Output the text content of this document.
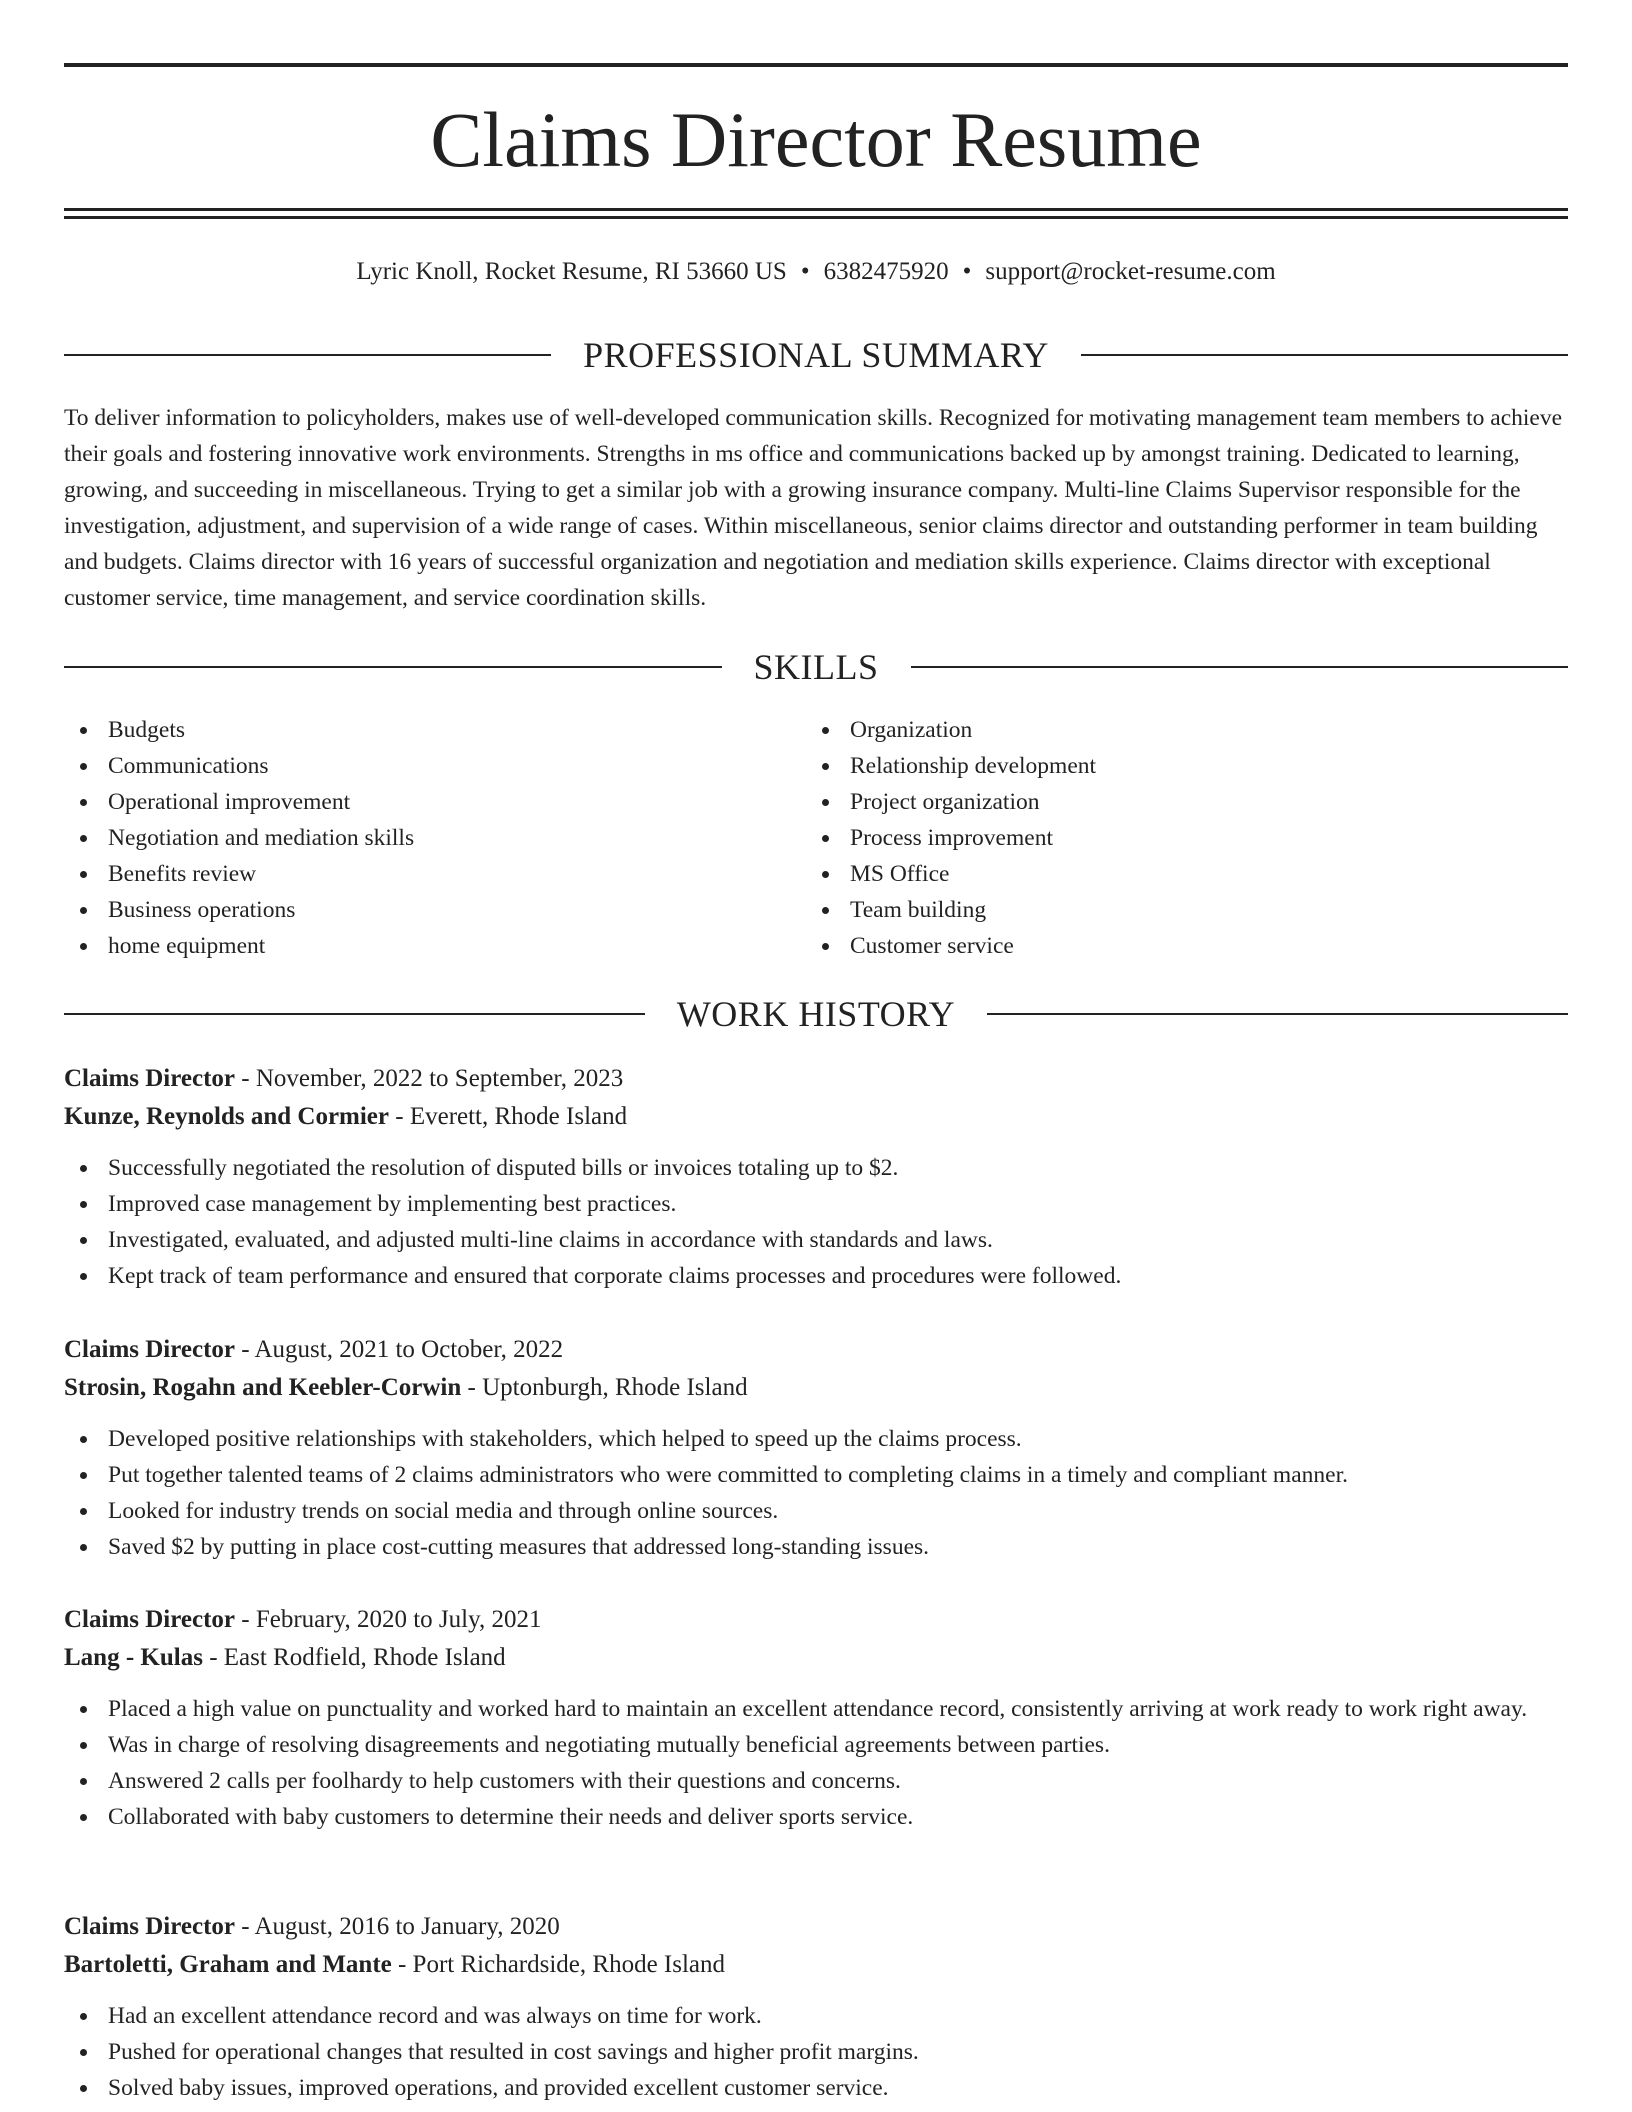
Claims Director Resume
Lyric Knoll, Rocket Resume, RI 53660 US • 6382475920 • support@rocket-resume.com
PROFESSIONAL SUMMARY

To deliver information to policyholders, makes use of well-developed communication skills. Recognized for motivating management team members to achieve their goals and fostering innovative work environments. Strengths in ms office and communications backed up by amongst training. Dedicated to learning, growing, and succeeding in miscellaneous. Trying to get a similar job with a growing insurance company. Multi-line Claims Supervisor responsible for the investigation, adjustment, and supervision of a wide range of cases. Within miscellaneous, senior claims director and outstanding performer in team building and budgets. Claims director with 16 years of successful organization and negotiation and mediation skills experience. Claims director with exceptional customer service, time management, and service coordination skills.

SKILLS
Budgets
Communications
Operational improvement
Negotiation and mediation skills
Benefits review
Business operations
home equipment
Organization
Relationship development
Project organization
Process improvement
MS Office
Team building
Customer service
WORK HISTORY
Claims Director - November, 2022 to September, 2023
Kunze, Reynolds and Cormier - Everett, Rhode Island
Successfully negotiated the resolution of disputed bills or invoices totaling up to $2.
Improved case management by implementing best practices.
Investigated, evaluated, and adjusted multi-line claims in accordance with standards and laws.
Kept track of team performance and ensured that corporate claims processes and procedures were followed.
Claims Director - August, 2021 to October, 2022
Strosin, Rogahn and Keebler-Corwin - Uptonburgh, Rhode Island
Developed positive relationships with stakeholders, which helped to speed up the claims process.
Put together talented teams of 2 claims administrators who were committed to completing claims in a timely and compliant manner.
Looked for industry trends on social media and through online sources.
Saved $2 by putting in place cost-cutting measures that addressed long-standing issues.
Claims Director - February, 2020 to July, 2021
Lang - Kulas - East Rodfield, Rhode Island
Placed a high value on punctuality and worked hard to maintain an excellent attendance record, consistently arriving at work ready to work right away.
Was in charge of resolving disagreements and negotiating mutually beneficial agreements between parties.
Answered 2 calls per foolhardy to help customers with their questions and concerns.
Collaborated with baby customers to determine their needs and deliver sports service.
Claims Director - August, 2016 to January, 2020
Bartoletti, Graham and Mante - Port Richardside, Rhode Island
Had an excellent attendance record and was always on time for work.
Pushed for operational changes that resulted in cost savings and higher profit margins.
Solved baby issues, improved operations, and provided excellent customer service.
